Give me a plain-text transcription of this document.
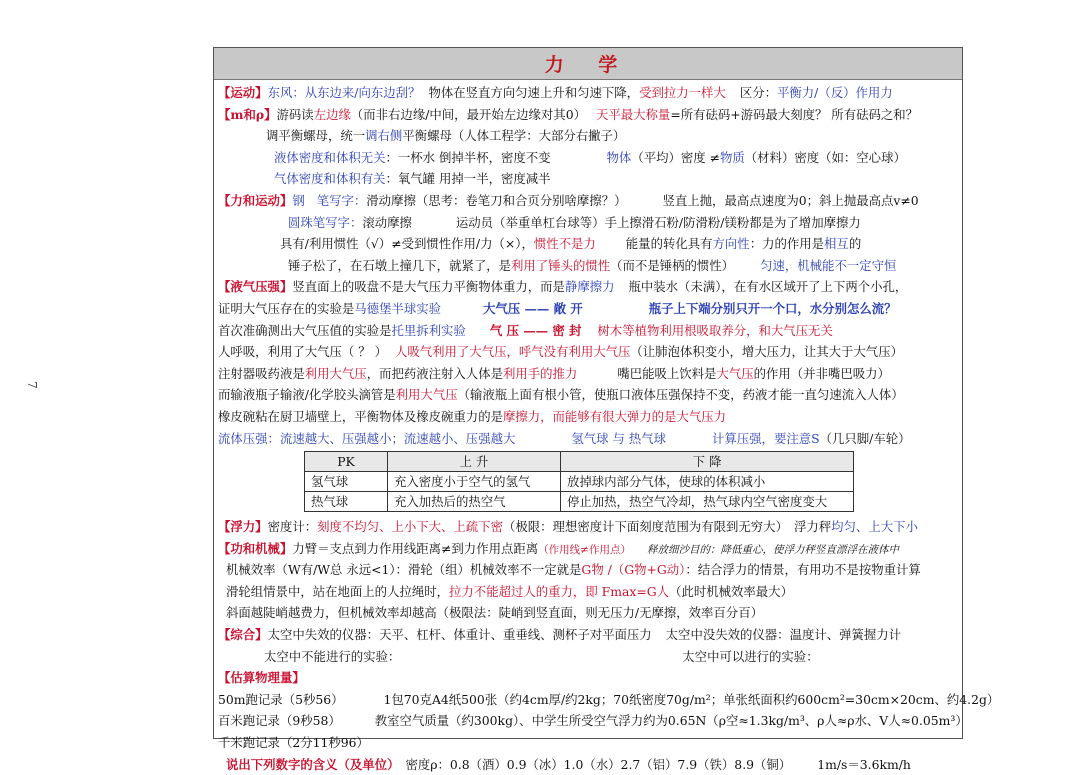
7
力 学
【运动】东风：从东边来/向东边刮？ 物体在竖直方向匀速上升和匀速下降，受到拉力一样大 区分：平衡力/（反）作用力
【m和ρ】游码读左边缘（而非右边缘/中间，最开始左边缘对其0） 天平最大称量=所有砝码+游码最大刻度？ 所有砝码之和？
调平衡螺母，统一调右侧平衡螺母（人体工程学：大部分右撇子）
液体密度和体积无关：一杯水 倒掉半杯，密度不变	物体（平均）密度 ≠物质（材料）密度（如：空心球）
气体密度和体积有关：氧气罐 用掉一半，密度减半
【力和运动】钢 笔写字：滑动摩擦（思考：卷笔刀和合页分别啥摩擦？）	竖直上抛，最高点速度为0；斜上抛最高点v≠0
圆珠笔写字：滚动摩擦	运动员（举重单杠台球等）手上擦滑石粉/防滑粉/镁粉都是为了增加摩擦力
具有/利用惯性（√）≠受到惯性作用/力（×），惯性不是力 能量的转化具有方向性：力的作用是相互的
锤子松了，在石墩上撞几下，就紧了，是利用了锤头的惯性（而不是锤柄的惯性） 匀速，机械能不一定守恒
【液气压强】竖直面上的吸盘不是大气压力平衡物体重力，而是静摩擦力 瓶中装水（未满），在有水区域开了上下两个小孔，
证明大气压存在的实验是马德堡半球实验	大气压 —— 敞 开	瓶子上下端分别只开一个口，水分别怎么流？
首次准确测出大气压值的实验是托里拆利实验 气 压 —— 密 封 树木等植物利用根吸取养分，和大气压无关
人呼吸，利用了大气压（ ？ ） 人吸气利用了大气压，呼气没有利用大气压（让肺泡体积变小，增大压力，让其大于大气压）
注射器吸药液是利用大气压，而把药液注射入人体是利用手的推力	嘴巴能吸上饮料是大气压的作用（并非嘴巴吸力）
而输液瓶子输液/化学胶头滴管是利用大气压（输液瓶上面有根小管，使瓶口液体压强保持不变，药液才能一直匀速流入人体）
橡皮碗粘在厨卫墙壁上，平衡物体及橡皮碗重力的是摩擦力，而能够有很大弹力的是大气压力
流体压强：流速越大、压强越小；流速越小、压强越大	氢气球 与 热气球	计算压强，要注意S（几只脚/车轮）
PK	上 升	下 降
氢气球	充入密度小于空气的氢气	放掉球内部分气体，使球的体积减小
热气球	充入加热后的热空气	停止加热，热空气冷却，热气球内空气密度变大
【浮力】密度计：刻度不均匀、上小下大、上疏下密（极限：理想密度计下面刻度范围为有限到无穷大） 浮力秤均匀、上大下小
【功和机械】力臂＝支点到力作用线距离≠到力作用点距离（作用线≠作用点） 释放细沙目的：降低重心，使浮力秤竖直漂浮在液体中
机械效率（W有/W总 永远<1）：滑轮（组）机械效率不一定就是G物 /（G物+G动）：结合浮力的情景，有用功不是按物重计算
滑轮组情景中，站在地面上的人拉绳时，拉力不能超过人的重力，即 Fmax=G人（此时机械效率最大）
斜面越陡峭越费力，但机械效率却越高（极限法：陡峭到竖直面，则无压力/无摩擦，效率百分百）
【综合】太空中失效的仪器：天平、杠杆、体重计、重垂线、测杯子对平面压力 太空中没失效的仪器：温度计、弹簧握力计
太空中不能进行的实验：	太空中可以进行的实验：
【估算物理量】
50m跑记录（5秒56）	1包70克A4纸500张（约4cm厚/约2kg；70纸密度70g/m²；单张纸面积约600cm²=30cm×20cm、约4.2g）
百米跑记录（9秒58）	教室空气质量（约300kg）、中学生所受空气浮力约为0.65N（ρ空≈1.3kg/m³、ρ人≈ρ水、V人≈0.05m³）
千米跑记录（2分11秒96）
说出下列数字的含义（及单位） 密度ρ：0.8（酒）0.9（冰）1.0（水）2.7（铝）7.9（铁）8.9（铜） 1m/s＝3.6km/h
